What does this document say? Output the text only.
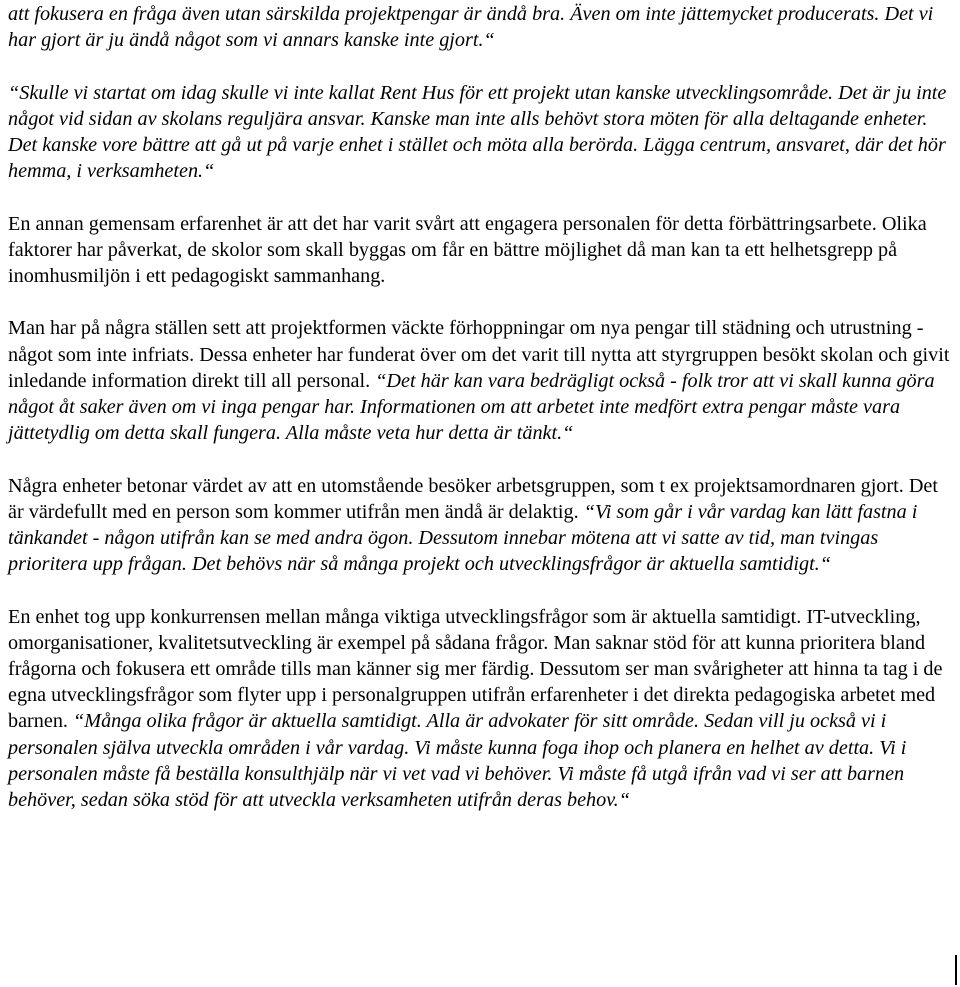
att fokusera en fråga även utan särskilda projektpengar är ändå bra. Även om inte jättemycket producerats. Det vi har gjort är ju ändå något som vi annars kanske inte gjort.“

“Skulle vi startat om idag skulle vi inte kallat Rent Hus för ett projekt utan kanske utvecklingsområde. Det är ju inte något vid sidan av skolans reguljära ansvar. Kanske man inte alls behövt stora möten för alla deltagande enheter. Det kanske vore bättre att gå ut på varje enhet i stället och möta alla berörda. Lägga centrum, ansvaret, där det hör hemma, i verksamheten.“

En annan gemensam erfarenhet är att det har varit svårt att engagera personalen för detta förbättringsarbete. Olika faktorer har påverkat, de skolor som skall byggas om får en bättre möjlighet då man kan ta ett helhetsgrepp på inomhusmiljön i ett pedagogiskt sammanhang.

Man har på några ställen sett att projektformen väckte förhoppningar om nya pengar till städning och utrustning - något som inte infriats. Dessa enheter har funderat över om det varit till nytta att styrgruppen besökt skolan och givit inledande information direkt till all personal. “Det här kan vara bedrägligt också - folk tror att vi skall kunna göra något åt saker även om vi inga pengar har. Informationen om att arbetet inte medfört extra pengar måste vara jättetydlig om detta skall fungera. Alla måste veta hur detta är tänkt.“

Några enheter betonar värdet av att en utomstående besöker arbetsgruppen, som t ex projektsamordnaren gjort. Det är värdefullt med en person som kommer utifrån men ändå är delaktig. “Vi som går i vår vardag kan lätt fastna i tänkandet - någon utifrån kan se med andra ögon. Dessutom innebar mötena att vi satte av tid, man tvingas prioritera upp frågan. Det behövs när så många projekt och utvecklingsfrågor är aktuella samtidigt.“

En enhet tog upp konkurrensen mellan många viktiga utvecklingsfrågor som är aktuella samtidigt. IT-utveckling, omorganisationer, kvalitetsutveckling är exempel på sådana frågor. Man saknar stöd för att kunna prioritera bland frågorna och fokusera ett område tills man känner sig mer färdig. Dessutom ser man svårigheter att hinna ta tag i de egna utvecklingsfrågor som flyter upp i personalgruppen utifrån erfarenheter i det direkta pedagogiska arbetet med barnen. “Många olika frågor är aktuella samtidigt. Alla är advokater för sitt område. Sedan vill ju också vi i personalen själva utveckla områden i vår vardag. Vi måste kunna foga ihop och planera en helhet av detta. Vi i personalen måste få beställa konsulthjälp när vi vet vad vi behöver. Vi måste få utgå ifrån vad vi ser att barnen behöver, sedan söka stöd för att utveckla verksamheten utifrån deras behov.“
